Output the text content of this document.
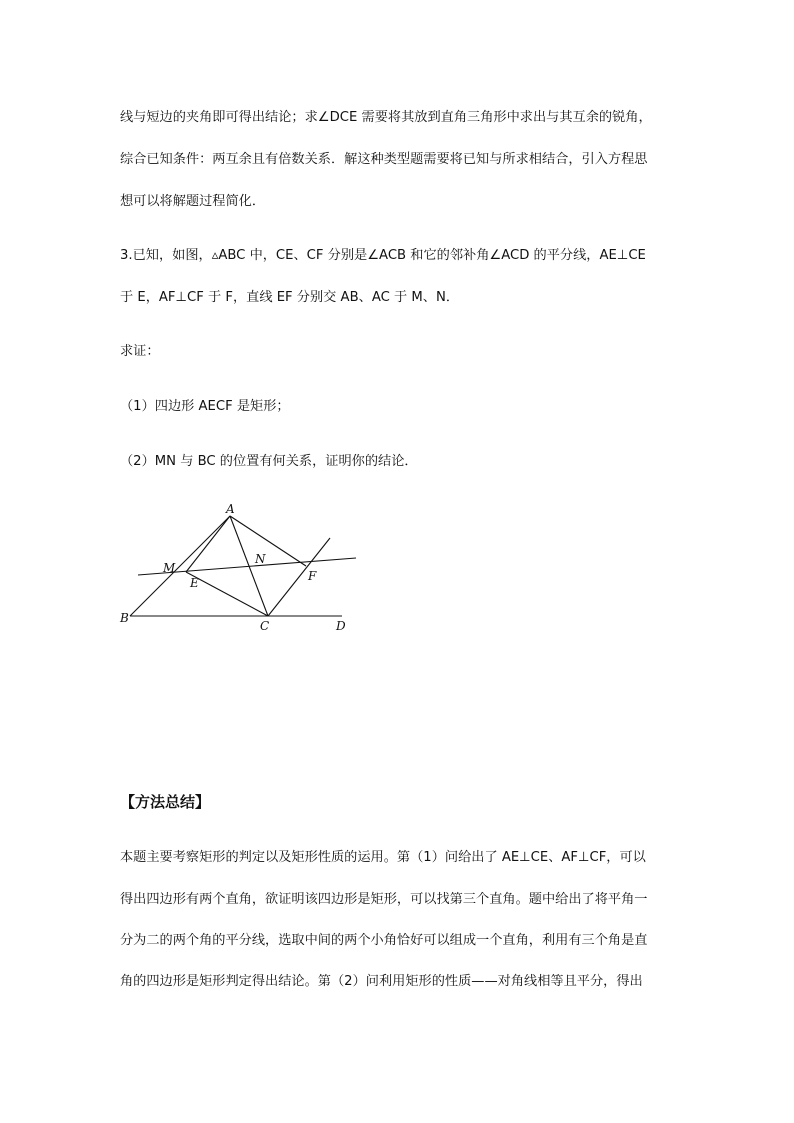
线与短边的夹角即可得出结论；求∠DCE 需要将其放到直角三角形中求出与其互余的锐角，
综合已知条件：两互余且有倍数关系．解这种类型题需要将已知与所求相结合，引入方程思
想可以将解题过程简化．
3.已知，如图，▵ABC 中，CE、CF 分别是∠ACB 和它的邻补角∠ACD 的平分线，AE⊥CE
于 E，AF⊥CF 于 F，直线 EF 分别交 AB、AC 于 M、N．
求证：
（1）四边形 AECF 是矩形；
（2）MN 与 BC 的位置有何关系，证明你的结论．
A
B
C	D
E	F
M
N
【方法总结】
本题主要考察矩形的判定以及矩形性质的运用。第（1）问给出了 AE⊥CE、AF⊥CF，可以
得出四边形有两个直角，欲证明该四边形是矩形，可以找第三个直角。题中给出了将平角一
分为二的两个角的平分线，选取中间的两个小角恰好可以组成一个直角，利用有三个角是直
角的四边形是矩形判定得出结论。第（2）问利用矩形的性质——对角线相等且平分，得出
